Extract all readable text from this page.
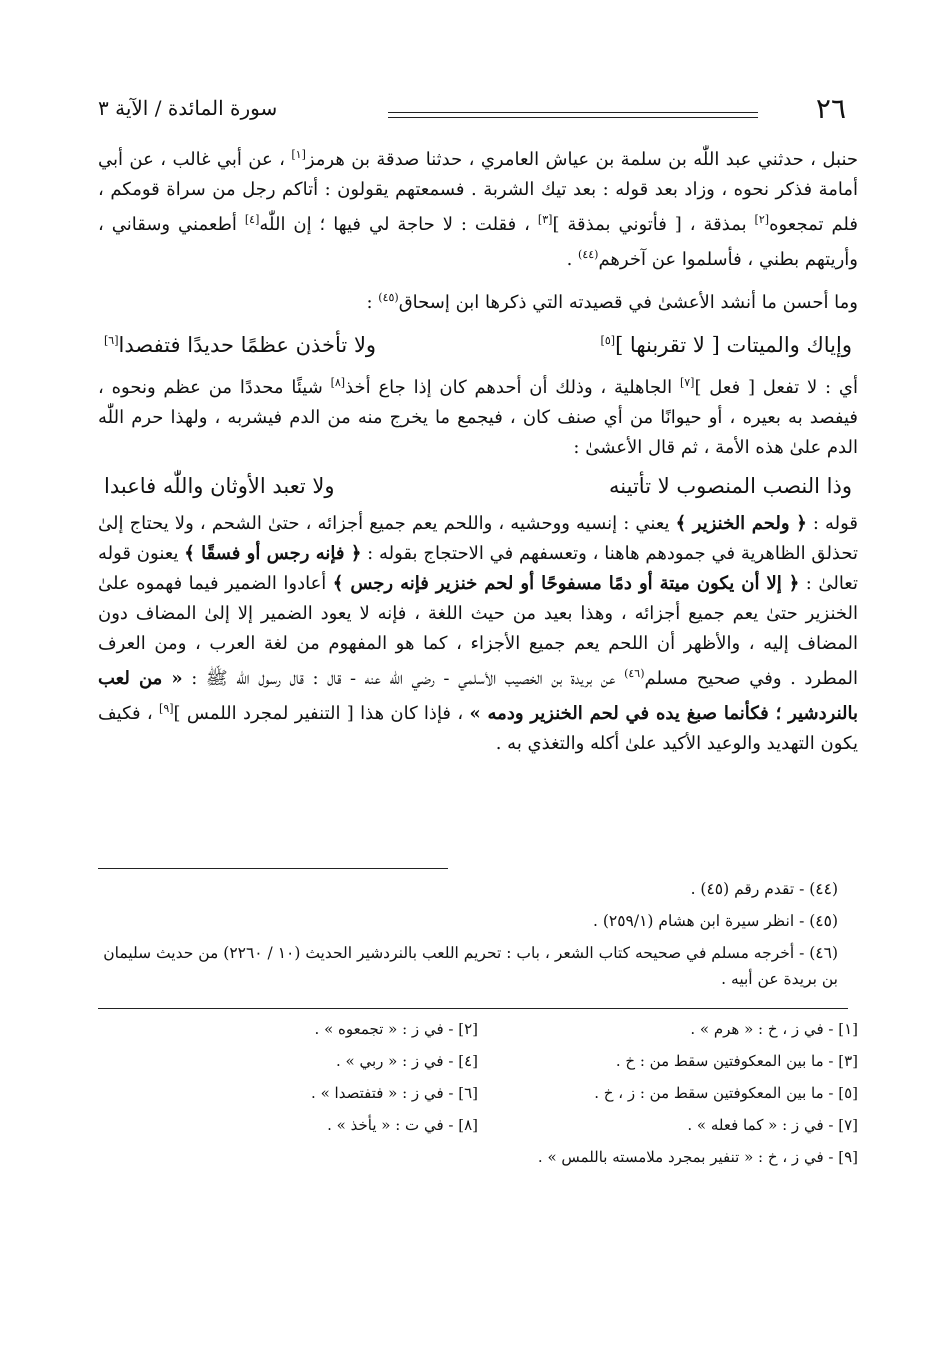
٢٦
سورة المائدة / الآية ٣

حنبل ، حدثني عبد اللّٰه بن سلمة بن عياش العامري ، حدثنا صدقة بن هرمز[١] ، عن أبي غالب ، عن أبي أمامة فذكر نحوه ، وزاد بعد قوله : بعد تيك الشربة . فسمعتهم يقولون : أتاكم رجل من سراة قومكم ، فلم تمجعوه[٢] بمذقة ، [ فأتوني بمذقة ][٣] ، فقلت : لا حاجة لي فيها ؛ إن اللّٰه[٤] أطعمني وسقاني ، وأريتهم بطني ، فأسلموا عن آخرهم$^{(٤٤)}$ .

وما أحسن ما أنشد الأعشىٰ في قصيدته التي ذكرها ابن إسحاق$^{(٤٥)}$ :

وإياك والميتات [ لا تقربنها ][٥]
ولا تأخذن عظمًا حديدًا فتفصدا[٦]

أي : لا تفعل [ فعل ][٧] الجاهلية ، وذلك أن أحدهم كان إذا جاع أخذ[٨] شيئًا محددًا من عظم ونحوه ، فيفصد به بعيره ، أو حيوانًا من أي صنف كان ، فيجمع ما يخرج منه من الدم فيشربه ، ولهذا حرم اللّٰه الدم علىٰ هذه الأمة ، ثم قال الأعشىٰ :

وذا النصب المنصوب لا تأتينه
ولا تعبد الأوثان واللّٰه فاعبدا

قوله : ﴿ ولحم الخنزير ﴾ يعني : إنسيه ووحشيه ، واللحم يعم جميع أجزائه ، حتىٰ الشحم ، ولا يحتاج إلىٰ تحذلق الظاهرية في جمودهم هاهنا ، وتعسفهم في الاحتجاج بقوله : ﴿ فإنه رجس أو فسقًا ﴾ يعنون قوله تعالىٰ : ﴿ إلا أن يكون ميتة أو دمًا مسفوحًا أو لحم خنزير فإنه رجس ﴾ أعادوا الضمير فيما فهموه علىٰ الخنزير حتىٰ يعم جميع أجزائه ، وهذا بعيد من حيث اللغة ، فإنه لا يعود الضمير إلا إلىٰ المضاف دون المضاف إليه ، والأظهر أن اللحم يعم جميع الأجزاء ، كما هو المفهوم من لغة العرب ، ومن العرف المطرد . وفي صحيح مسلم$^{(٤٦)}$ عن بريدة بن الخصيب الأسلمي - رضي اللّٰه عنه - قال : قال رسول اللّٰه ﷺ : « من لعب بالنردشير ؛ فكأنما صبغ يده في لحم الخنزير ودمه » ، فإذا كان هذا [ التنفير لمجرد اللمس ][٩] ، فكيف يكون التهديد والوعيد الأكيد علىٰ أكله والتغذي به .

(٤٤) - تقدم رقم (٤٥) .
(٤٥) - انظر سيرة ابن هشام (٢٥٩/١) .
(٤٦) - أخرجه مسلم في صحيحه كتاب الشعر ، باب : تحريم اللعب بالنردشير الحديث (١٠ / ٢٢٦٠) من حديث سليمان بن بريدة عن أبيه .
[١] - في ز ، خ : « هرم » .
[٢] - في ز : « تجمعوه » .
[٣] - ما بين المعكوفتين سقط من : خ .
[٤] - في ز : « ربي » .
[٥] - ما بين المعكوفتين سقط من : ز ، خ .
[٦] - في ز : « فتفتصدا » .
[٧] - في ز : « كما فعله » .
[٨] - في ت : « يأخذ » .
[٩] - في ز ، خ : « تنفير بمجرد ملامسته باللمس » .
